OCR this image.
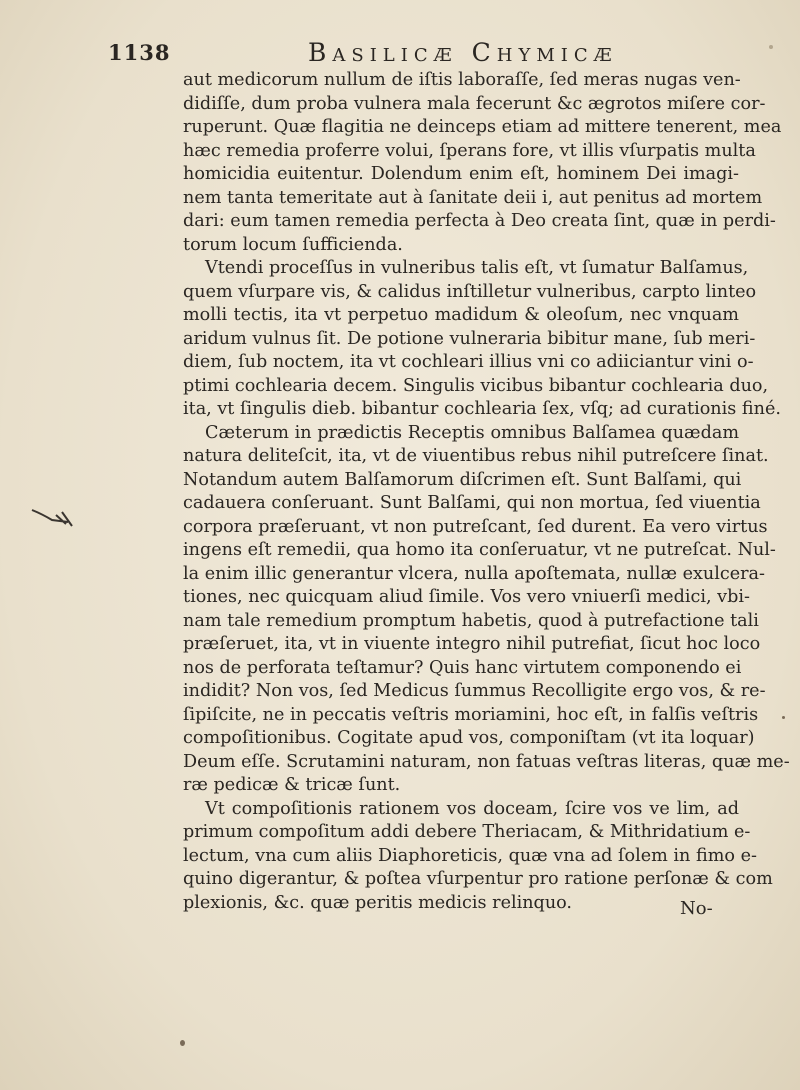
1138	Basilicæ Chymicæ
aut medicorum nullum de iſtis laboraſſe, ſed meras nugas ven-
didiſſe, dum proba vulnera mala fecerunt &c ægrotos miſere cor-
ruperunt. Quæ flagitia ne deinceps etiam ad mittere tenerent, mea
hæc remedia proferre volui, ſperans fore, vt illis vſurpatis multa
homicidia euitentur. Dolendum enim eſt, hominem Dei imagi-
nem tanta temeritate aut à ſanitate deii i, aut penitus ad mortem
dari: eum tamen remedia perfecta à Deo creata ſint, quæ in perdi-
torum locum ſufficienda.
Vtendi proceſſus in vulneribus talis eſt, vt ſumatur Balſamus,
quem vſurpare vis, & calidus inſtilletur vulneribus, carpto linteo
molli tectis, ita vt perpetuo madidum & oleoſum, nec vnquam
aridum vulnus ſit. De potione vulneraria bibitur mane, ſub meri-
diem, ſub noctem, ita vt cochleari illius vni co adiiciantur vini o-
ptimi cochlearia decem. Singulis vicibus bibantur cochlearia duo,
ita, vt ſingulis dieb. bibantur cochlearia ſex, vſq; ad curationis finé.
Cæterum in prædictis Receptis omnibus Balſamea quædam
natura delitеſcit, ita, vt de viuentibus rebus nihil putreſcere ſinat.
Notandum autem Balſamorum diſcrimen eſt. Sunt Balſami, qui
cadauera conſeruant. Sunt Balſami, qui non mortua, ſed viuentia
corpora præſeruant, vt non putreſcant, ſed durent. Ea vero virtus
ingens eſt remedii, qua homo ita conſeruatur, vt ne putreſcat. Nul-
la enim illic generantur vlcera, nulla apoſtemata, nullæ exulcera-
tiones, nec quicquam aliud ſimile. Vos vero vniuerſi medici, vbi-
nam tale remedium promptum habetis, quod à putrefactione tali
præſeruet, ita, vt in viuente integro nihil putrefiat, ſicut hoc loco
nos de perforata teſtamur? Quis hanc virtutem componendo ei
indidit? Non vos, ſed Medicus ſummus Recolligite ergo vos, & re-
ſipiſcite, ne in peccatis veſtris moriamini, hoc eſt, in falſis veſtris
compoſitionibus. Cogitate apud vos, componiſtam (vt ita loquar)
Deum eſſe. Scrutamini naturam, non fatuas veſtras literas, quæ me-
ræ pedicæ & tricæ ſunt.
Vt compoſitionis rationem vos doceam, ſcire vos ve lim, ad
primum compoſitum addi debere Theriacam, & Mithridatium e-
lectum, vna cum aliis Diaphoreticis, quæ vna ad ſolem in fimo e-
quino digerantur, & poſtea vſurpentur pro ratione perſonæ & com
plexionis, &c. quæ peritis medicis relinquo.	No-
